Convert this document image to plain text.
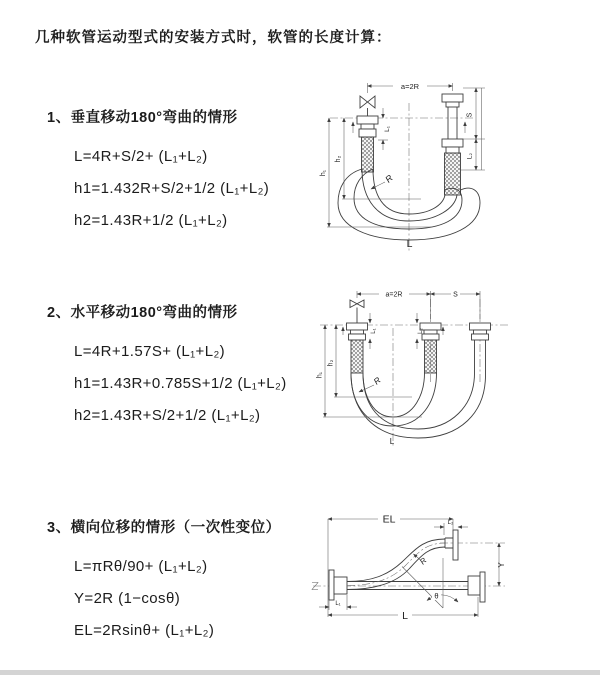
几种软管运动型式的安装方式时，软管的长度计算：
1、垂直移动180°弯曲的情形
L=4R+S/2+ (L₁+L₂)
h1=1.432R+S/2+1/2 (L₁+L₂)
h2=1.43R+1/2 (L₁+L₂)
2、水平移动180°弯曲的情形
L=4R+1.57S+ (L₁+L₂)
h1=1.43R+0.785S+1/2 (L₁+L₂)
h2=1.43R+S/2+1/2 (L₁+L₂)
3、横向位移的情形（一次性变位）
L=πRθ/90+ (L₁+L₂)
Y=2R (1−cosθ)
EL=2Rsinθ+ (L₁+L₂)
a=2R
S
L₂
h₁
h₂
L₁
R
L
a=2R	S
L₁	L₂
h₁
h₂
R
L
EL	L₂
Y
R
θ
L
L₁
